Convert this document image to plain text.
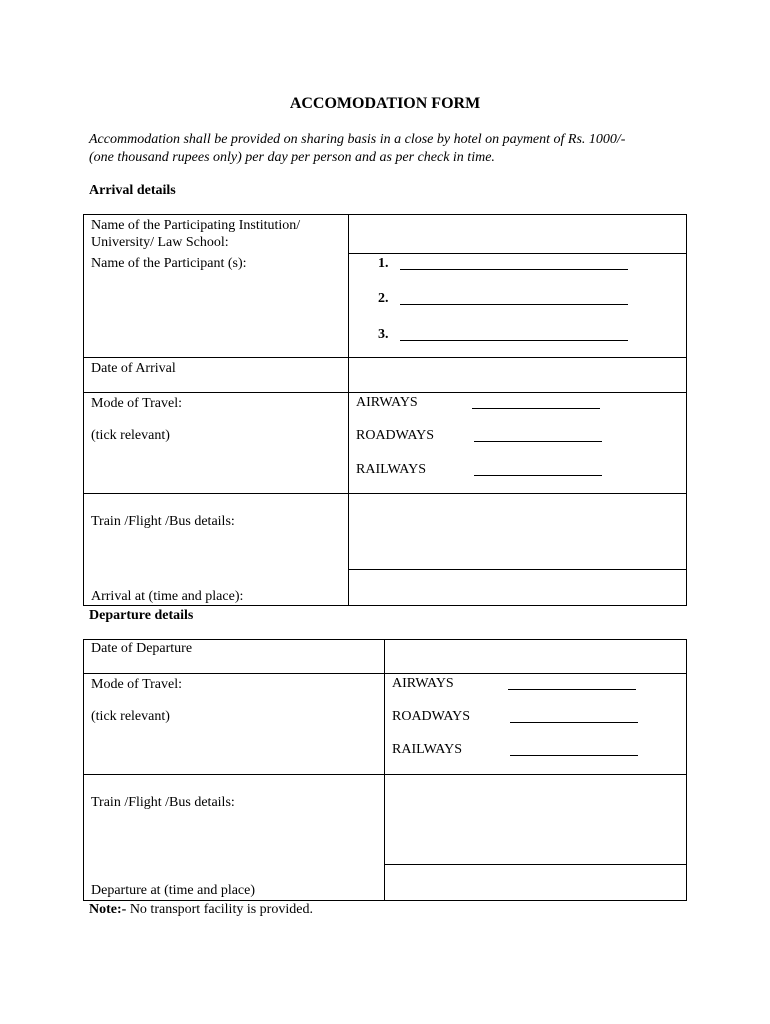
ACCOMODATION FORM
Accommodation shall be provided on sharing basis in a close by hotel on payment of Rs. 1000/-
(one thousand rupees only) per day per person and as per check in time.
Arrival details
Name of the Participating Institution/
University/ Law School:
Name of the Participant (s):	1.
2.
3.
Date of Arrival
Mode of Travel:
(tick relevant)
AIRWAYS
ROADWAYS
RAILWAYS
Train /Flight /Bus details:
Arrival at (time and place):
Departure details
Date of Departure
Mode of Travel:
(tick relevant)
AIRWAYS
ROADWAYS
RAILWAYS
Train /Flight /Bus details:
Departure at (time and place)
Note:- No transport facility is provided.
